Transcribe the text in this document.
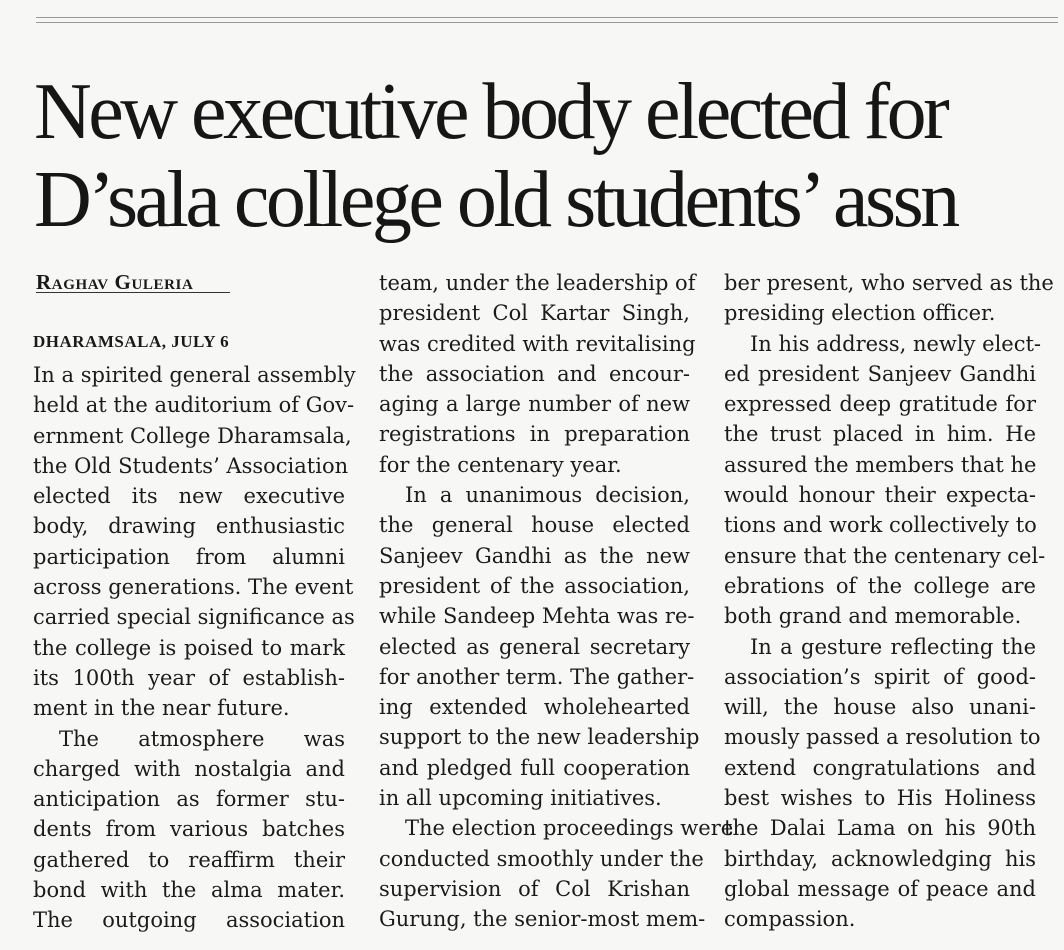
New executive body elected for
D’sala college old students’ assn
Raghav Guleria
DHARAMSALA, JULY 6
In a spirited general assembly
held at the auditorium of Gov-
ernment College Dharamsala,
the Old Students’ Association
elected its new executive
body, drawing enthusiastic
participation from alumni
across generations. The event
carried special significance as
the college is poised to mark
its 100th year of establish-
ment in the near future.
The atmosphere was
charged with nostalgia and
anticipation as former stu-
dents from various batches
gathered to reaffirm their
bond with the alma mater.
The outgoing association
team, under the leadership of
president Col Kartar Singh,
was credited with revitalising
the association and encour-
aging a large number of new
registrations in preparation
for the centenary year.
In a unanimous decision,
the general house elected
Sanjeev Gandhi as the new
president of the association,
while Sandeep Mehta was re-
elected as general secretary
for another term. The gather-
ing extended wholehearted
support to the new leadership
and pledged full cooperation
in all upcoming initiatives.
The election proceedings were
conducted smoothly under the
supervision of Col Krishan
Gurung, the senior-most mem-
ber present, who served as the
presiding election officer.
In his address, newly elect-
ed president Sanjeev Gandhi
expressed deep gratitude for
the trust placed in him. He
assured the members that he
would honour their expecta-
tions and work collectively to
ensure that the centenary cel-
ebrations of the college are
both grand and memorable.
In a gesture reflecting the
association’s spirit of good-
will, the house also unani-
mously passed a resolution to
extend congratulations and
best wishes to His Holiness
the Dalai Lama on his 90th
birthday, acknowledging his
global message of peace and
compassion.
